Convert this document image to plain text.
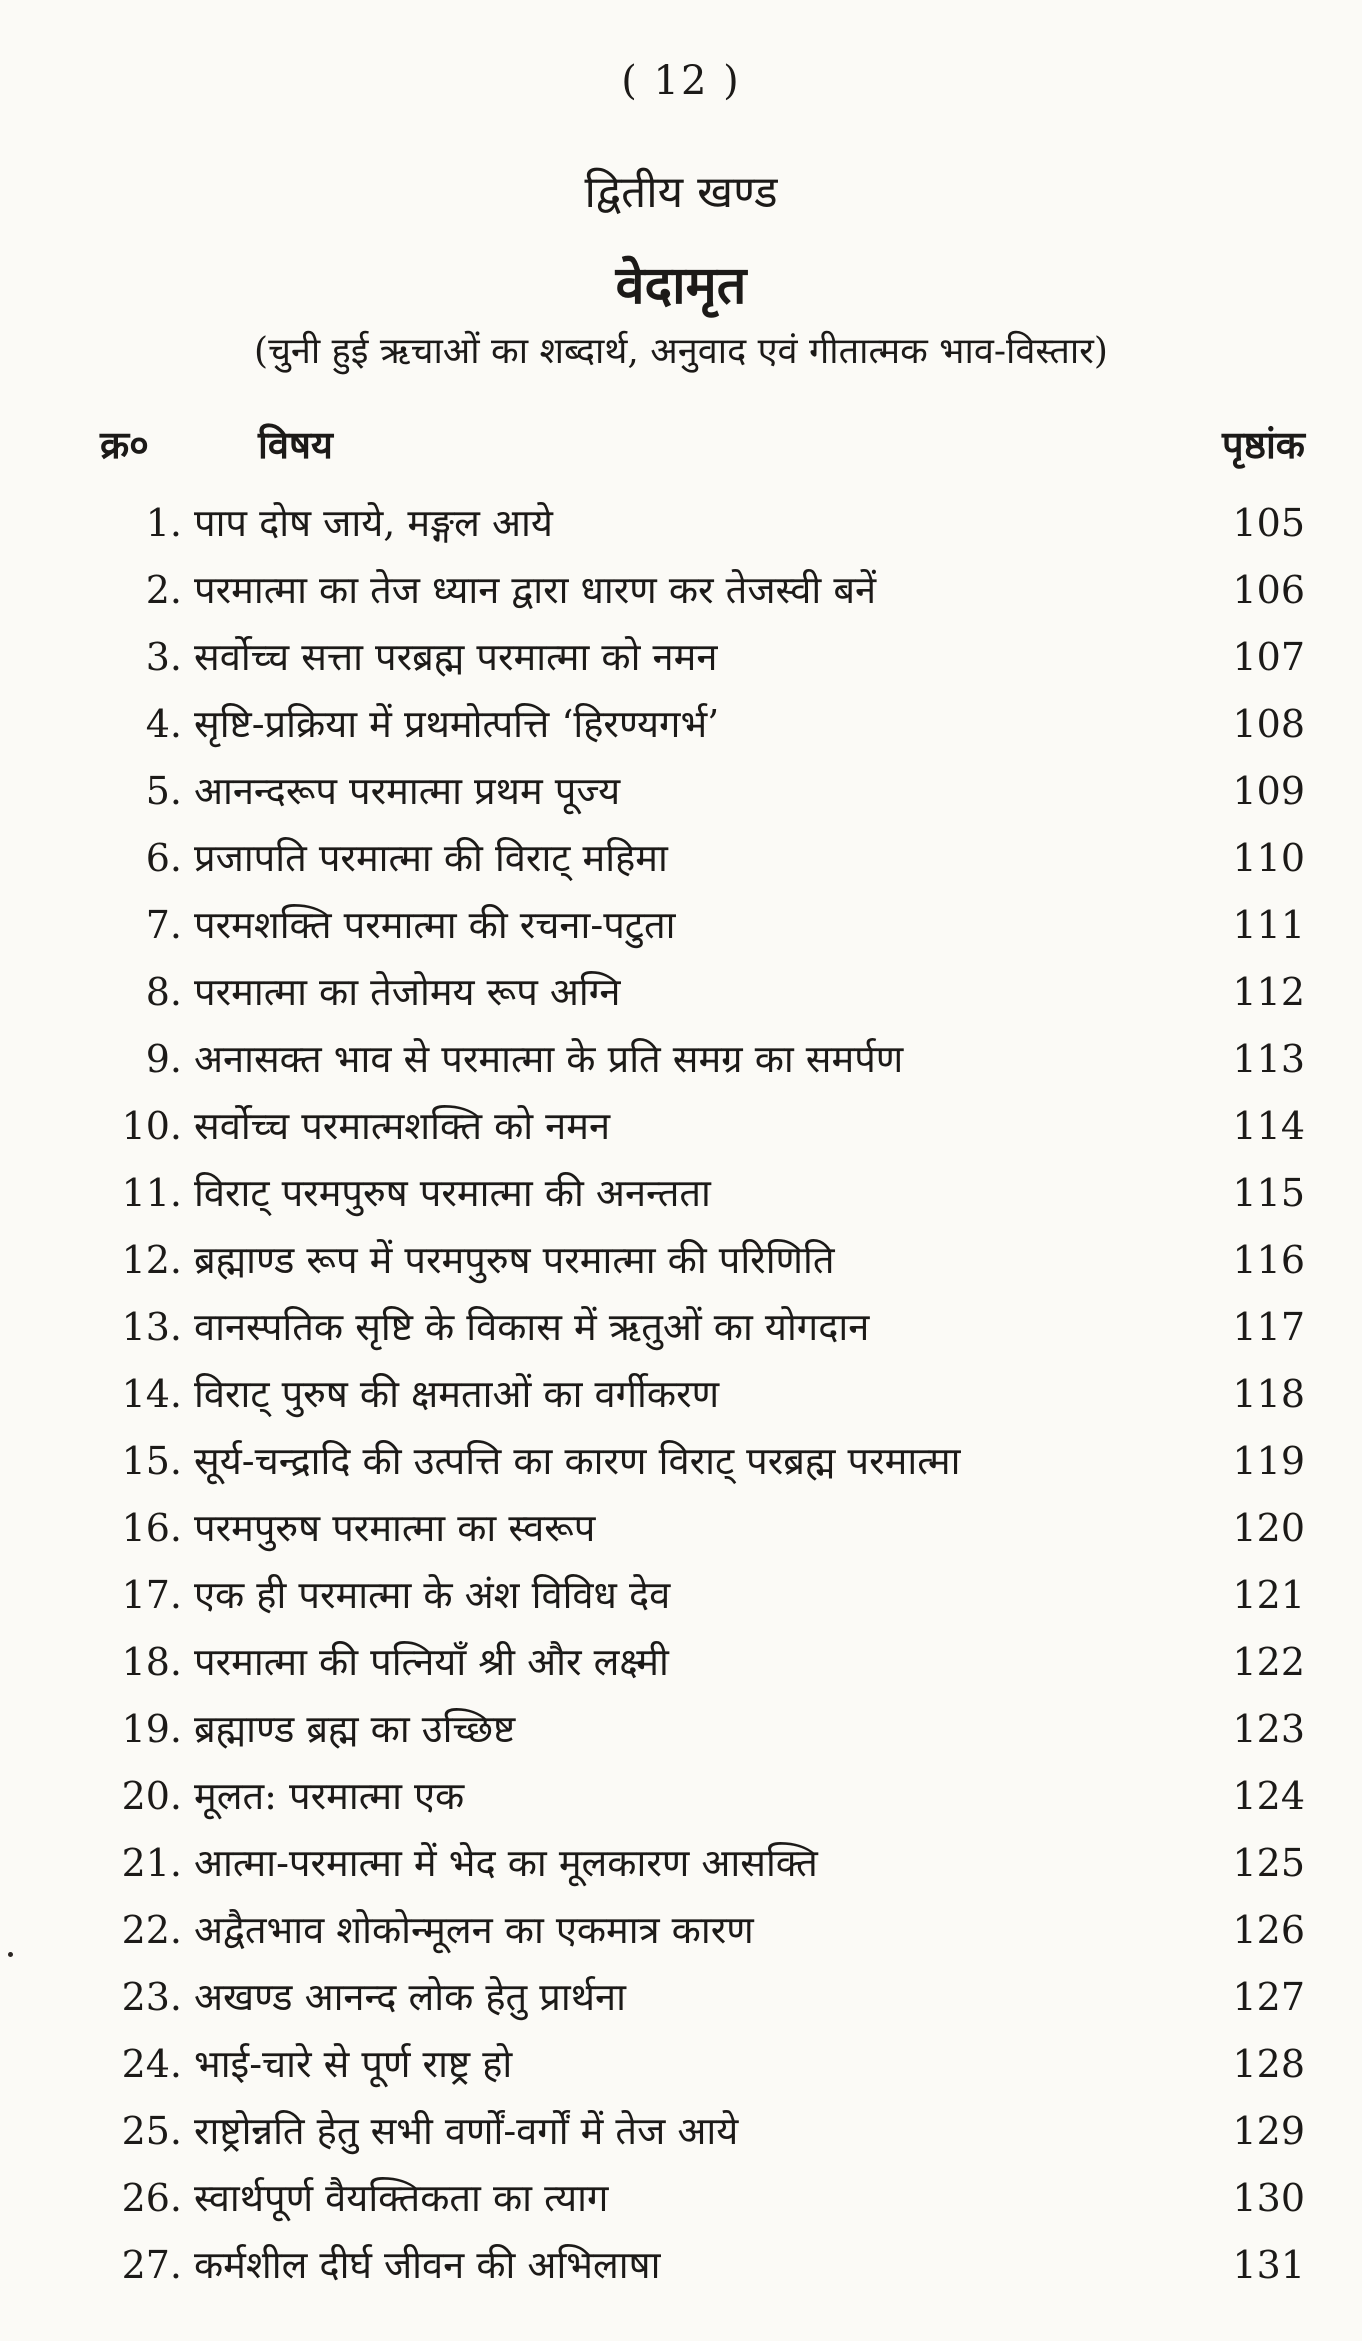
( 12 )
द्वितीय खण्ड
वेदामृत
(चुनी हुई ऋचाओं का शब्दार्थ, अनुवाद एवं गीतात्मक भाव-विस्तार)
क्र०	विषय	पृष्ठांक
1. पाप दोष जाये, मङ्गल आये	105
2. परमात्मा का तेज ध्यान द्वारा धारण कर तेजस्वी बनें	106
3. सर्वोच्च सत्ता परब्रह्म परमात्मा को नमन	107
4. सृष्टि-प्रक्रिया में प्रथमोत्पत्ति ‘हिरण्यगर्भ’	108
5. आनन्दरूप परमात्मा प्रथम पूज्य	109
6. प्रजापति परमात्मा की विराट् महिमा	110
7. परमशक्ति परमात्मा की रचना-पटुता	111
8. परमात्मा का तेजोमय रूप अग्नि	112
9. अनासक्त भाव से परमात्मा के प्रति समग्र का समर्पण	113
10. सर्वोच्च परमात्मशक्ति को नमन	114
11. विराट् परमपुरुष परमात्मा की अनन्तता	115
12. ब्रह्माण्ड रूप में परमपुरुष परमात्मा की परिणिति	116
13. वानस्पतिक सृष्टि के विकास में ऋतुओं का योगदान	117
14. विराट् पुरुष की क्षमताओं का वर्गीकरण	118
15. सूर्य-चन्द्रादि की उत्पत्ति का कारण विराट् परब्रह्म परमात्मा	119
16. परमपुरुष परमात्मा का स्वरूप	120
17. एक ही परमात्मा के अंश विविध देव	121
18. परमात्मा की पत्नियाँ श्री और लक्ष्मी	122
19. ब्रह्माण्ड ब्रह्म का उच्छिष्ट	123
20. मूलत: परमात्मा एक	124
21. आत्मा-परमात्मा में भेद का मूलकारण आसक्ति	125
22. अद्वैतभाव शोकोन्मूलन का एकमात्र कारण	126
23. अखण्ड आनन्द लोक हेतु प्रार्थना	127
24. भाई-चारे से पूर्ण राष्ट्र हो	128
25. राष्ट्रोन्नति हेतु सभी वर्णों-वर्गों में तेज आये	129
26. स्वार्थपूर्ण वैयक्तिकता का त्याग	130
27. कर्मशील दीर्घ जीवन की अभिलाषा	131
